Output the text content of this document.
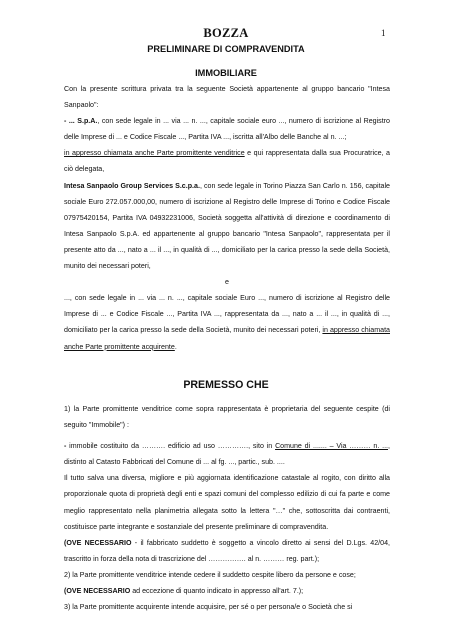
BOZZA	1
PRELIMINARE DI COMPRAVENDITA
IMMOBILIARE

Con la presente scrittura privata tra la seguente Società appartenente al gruppo bancario "Intesa Sanpaolo":

- ... S.p.A., con sede legale in ... via ... n. ..., capitale sociale euro ..., numero di iscrizione al Registro delle Imprese di ... e Codice Fiscale ..., Partita IVA ..., iscritta all'Albo delle Banche al n. ...;

in appresso chiamata anche Parte promittente venditrice e qui rappresentata dalla sua Procuratrice, a ciò delegata,

Intesa Sanpaolo Group Services S.c.p.a., con sede legale in Torino Piazza San Carlo n. 156, capitale sociale Euro 272.057.000,00, numero di iscrizione al Registro delle Imprese di Torino e Codice Fiscale 07975420154, Partita IVA 04932231006, Società soggetta all'attività di direzione e coordinamento di Intesa Sanpaolo S.p.A. ed appartenente al gruppo bancario "Intesa Sanpaolo", rappresentata per il presente atto da ..., nato a ... il ..., in qualità di ..., domiciliato per la carica presso la sede della Società, munito dei necessari poteri,

e

..., con sede legale in ... via ... n. ..., capitale sociale Euro ..., numero di iscrizione al Registro delle Imprese di ... e Codice Fiscale ..., Partita IVA ..., rappresentata da ..., nato a ... il ..., in qualità di ..., domiciliato per la carica presso la sede della Società, munito dei necessari poteri, in appresso chiamata anche Parte promittente acquirente.

PREMESSO CHE

1) la Parte promittente venditrice come sopra rappresentata è proprietaria del seguente cespite (di seguito "Immobile") :

- immobile costituito da ………. edificio ad uso …………., sito in Comune di ....... – Via ……… n. ..., distinto al Catasto Fabbricati del Comune di ... al fg. ..., partic., sub. ....

Il tutto salva una diversa, migliore e più aggiornata identificazione catastale al rogito, con diritto alla proporzionale quota di proprietà degli enti e spazi comuni del complesso edilizio di cui fa parte e come meglio rappresentato nella planimetria allegata sotto la lettera "…" che, sottoscritta dai contraenti, costituisce parte integrante e sostanziale del presente preliminare di compravendita.

(OVE NECESSARIO - il fabbricato suddetto è soggetto a vincolo diretto ai sensi del D.Lgs. 42/04, trascritto in forza della nota di trascrizione del ……………. al n. ……… reg. part.);

2) la Parte promittente venditrice intende cedere il suddetto cespite libero da persone e cose;

(OVE NECESSARIO ad eccezione di quanto indicato in appresso all'art. 7.);

3) la Parte promittente acquirente intende acquisire, per sé o per persona/e o Società che si
